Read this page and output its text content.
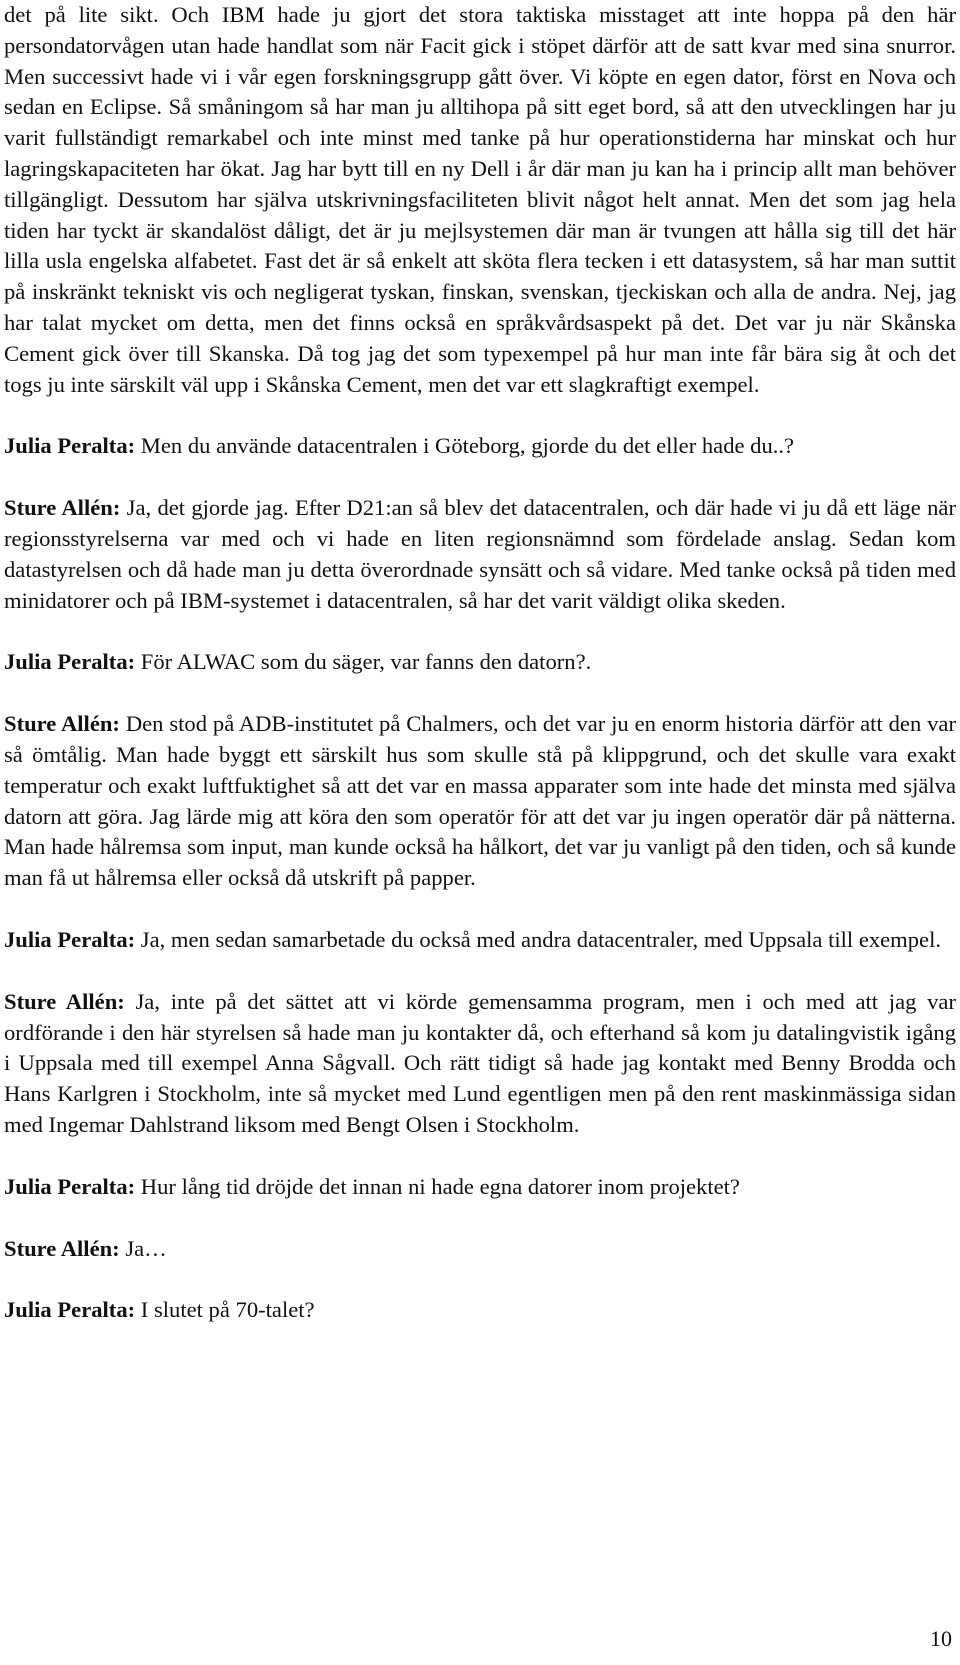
det på lite sikt. Och IBM hade ju gjort det stora taktiska misstaget att inte hoppa på den här persondatorvågen utan hade handlat som när Facit gick i stöpet därför att de satt kvar med sina snurror. Men successivt hade vi i vår egen forskningsgrupp gått över. Vi köpte en egen dator, först en Nova och sedan en Eclipse. Så småningom så har man ju alltihopa på sitt eget bord, så att den utvecklingen har ju varit fullständigt remarkabel och inte minst med tanke på hur operationstiderna har minskat och hur lagringskapaciteten har ökat. Jag har bytt till en ny Dell i år där man ju kan ha i princip allt man behöver tillgängligt. Dessutom har själva utskrivningsfaciliteten blivit något helt annat. Men det som jag hela tiden har tyckt är skandalöst dåligt, det är ju mejlsystemen där man är tvungen att hålla sig till det här lilla usla engelska alfabetet. Fast det är så enkelt att sköta flera tecken i ett datasystem, så har man suttit på inskränkt tekniskt vis och negligerat tyskan, finskan, svenskan, tjeckiskan och alla de andra. Nej, jag har talat mycket om detta, men det finns också en språkvårdsaspekt på det. Det var ju när Skånska Cement gick över till Skanska. Då tog jag det som typexempel på hur man inte får bära sig åt och det togs ju inte särskilt väl upp i Skånska Cement, men det var ett slagkraftigt exempel.

Julia Peralta: Men du använde datacentralen i Göteborg, gjorde du det eller hade du..?

Sture Allén: Ja, det gjorde jag. Efter D21:an så blev det datacentralen, och där hade vi ju då ett läge när regionsstyrelserna var med och vi hade en liten regionsnämnd som fördelade anslag. Sedan kom datastyrelsen och då hade man ju detta överordnade synsätt och så vidare. Med tanke också på tiden med minidatorer och på IBM-systemet i datacentralen, så har det varit väldigt olika skeden.

Julia Peralta: För ALWAC som du säger, var fanns den datorn?.

Sture Allén: Den stod på ADB-institutet på Chalmers, och det var ju en enorm historia därför att den var så ömtålig. Man hade byggt ett särskilt hus som skulle stå på klippgrund, och det skulle vara exakt temperatur och exakt luftfuktighet så att det var en massa apparater som inte hade det minsta med själva datorn att göra. Jag lärde mig att köra den som operatör för att det var ju ingen operatör där på nätterna. Man hade hålremsa som input, man kunde också ha hålkort, det var ju vanligt på den tiden, och så kunde man få ut hålremsa eller också då utskrift på papper.

Julia Peralta: Ja, men sedan samarbetade du också med andra datacentraler, med Uppsala till exempel.

Sture Allén: Ja, inte på det sättet att vi körde gemensamma program, men i och med att jag var ordförande i den här styrelsen så hade man ju kontakter då, och efterhand så kom ju datalingvistik igång i Uppsala med till exempel Anna Sågvall. Och rätt tidigt så hade jag kontakt med Benny Brodda och Hans Karlgren i Stockholm, inte så mycket med Lund egentligen men på den rent maskinmässiga sidan med Ingemar Dahlstrand liksom med Bengt Olsen i Stockholm.

Julia Peralta: Hur lång tid dröjde det innan ni hade egna datorer inom projektet?

Sture Allén: Ja…

Julia Peralta: I slutet på 70-talet?

10
